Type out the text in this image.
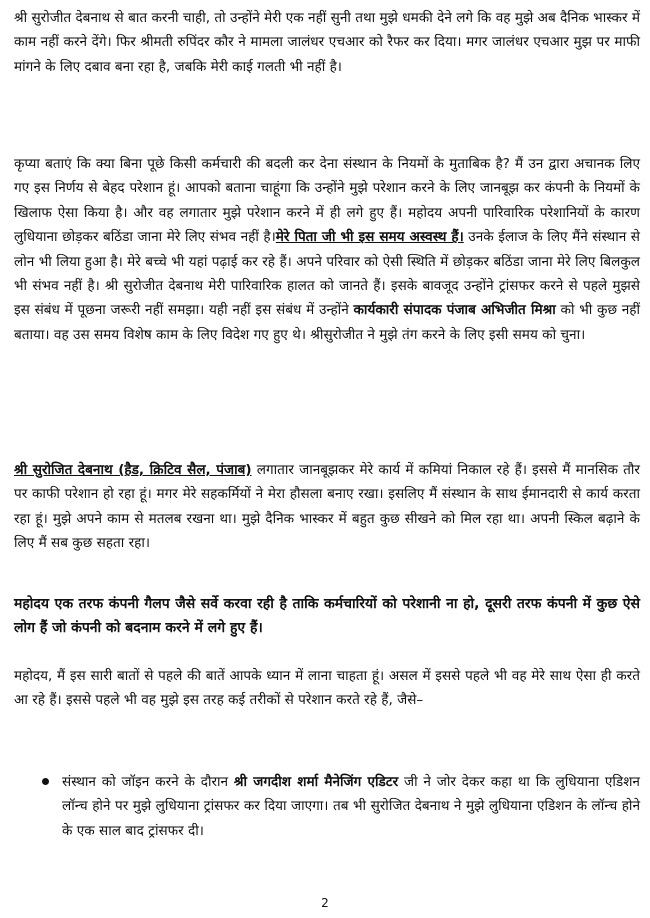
श्री सुरोजीत देबनाथ से बात करनी चाही, तो उन्होंने मेरी एक नहीं सुनी तथा मुझे धमकी देने लगे कि वह मुझे अब दैनिक भास्कर में काम नहीं करने देंगे। फिर श्रीमती रुपिंदर कौर ने मामला जालंधर एचआर को रैफर कर दिया। मगर जालंधर एचआर मुझ पर माफी मांगने के लिए दबाव बना रहा है, जबकि मेरी काई गलती भी नहीं है।

कृप्या बताएं कि क्या बिना पूछे किसी कर्मचारी की बदली कर देना संस्थान के नियमों के मुताबिक है? मैं उन द्वारा अचानक लिए गए इस निर्णय से बेहद परेशान हूं। आपको बताना चाहूंगा कि उन्होंने मुझे परेशान करने के लिए जानबूझ कर कंपनी के नियमों के खिलाफ ऐसा किया है। और वह लगातार मुझे परेशान करने में ही लगे हुए हैं। महोदय अपनी पारिवारिक परेशानियों के कारण लुधियाना छोड़कर बठिंडा जाना मेरे लिए संभव नहीं है।मेरे पिता जी भी इस समय अस्वस्थ हैं। उनके ईलाज के लिए मैंने संस्थान से लोन भी लिया हुआ है। मेरे बच्चे भी यहां पढ़ाई कर रहे हैं। अपने परिवार को ऐसी स्थिति में छोड़कर बठिंडा जाना मेरे लिए बिलकुल भी संभव नहीं है। श्री सुरोजीत देबनाथ मेरी पारिवारिक हालत को जानते हैं। इसके बावजूद उन्होंने ट्रांसफर करने से पहले मुझसे इस संबंध में पूछना जरूरी नहीं समझा। यही नहीं इस संबंध में उन्होंने कार्यकारी संपादक पंजाब अभिजीत मिश्रा को भी कुछ नहीं बताया। वह उस समय विशेष काम के लिए विदेश गए हुए थे। श्रीसुरोजीत ने मुझे तंग करने के लिए इसी समय को चुना।

श्री सुरोजित देबनाथ (हैड, क्रिटिव सैल, पंजाब) लगातार जानबूझकर मेरे कार्य में कमियां निकाल रहे हैं। इससे मैं मानसिक तौर पर काफी परेशान हो रहा हूं। मगर मेरे सहकर्मियों ने मेरा हौसला बनाए रखा। इसलिए मैं संस्थान के साथ ईमानदारी से कार्य करता रहा हूं। मुझे अपने काम से मतलब रखना था। मुझे दैनिक भास्कर में बहुत कुछ सीखने को मिल रहा था। अपनी स्किल बढ़ाने के लिए मैं सब कुछ सहता रहा।

महोदय एक तरफ कंपनी गैलप जैसे सर्वे करवा रही है ताकि कर्मचारियों को परेशानी ना हो, दूसरी तरफ कंपनी में कुछ ऐसे लोग हैं जो कंपनी को बदनाम करने में लगे हुए हैं।

महोदय, मैं इस सारी बातों से पहले की बातें आपके ध्यान में लाना चाहता हूं। असल में इससे पहले भी वह मेरे साथ ऐसा ही करते आ रहे हैं। इससे पहले भी वह मुझे इस तरह कई तरीकों से परेशान करते रहे हैं, जैसे–

संस्थान को जॉइन करने के दौरान श्री जगदीश शर्मा मैनेजिंग एडिटर जी ने जोर देकर कहा था कि लुधियाना एडिशन लॉन्च होने पर मुझे लुधियाना ट्रांसफर कर दिया जाएगा। तब भी सुरोजित देबनाथ ने मुझे लुधियाना एडिशन के लॉन्च होने के एक साल बाद ट्रांसफर दी।

2
